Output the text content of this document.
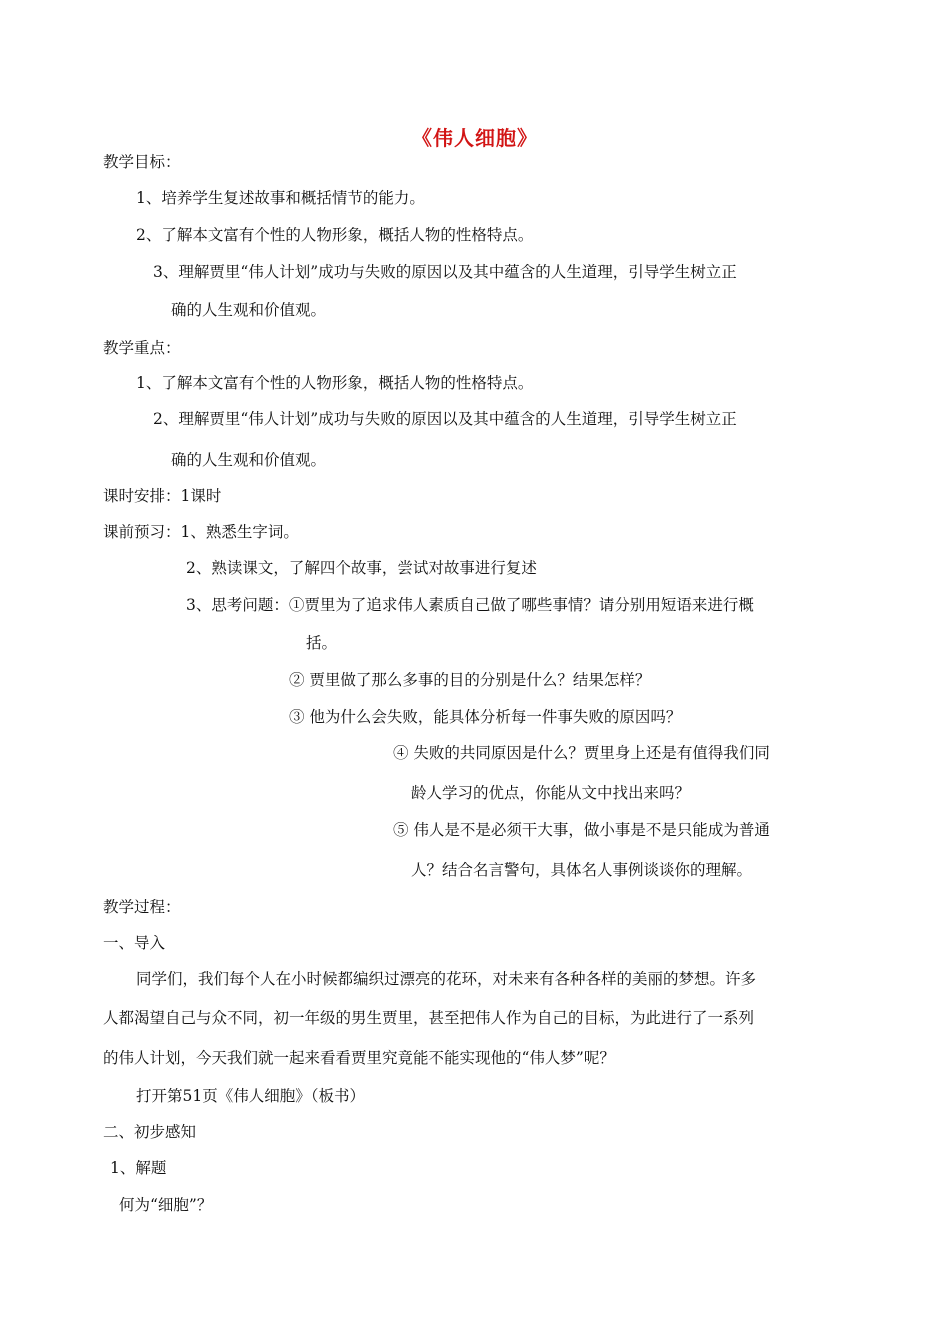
《伟人细胞》
教学目标：
1、培养学生复述故事和概括情节的能力。
2、了解本文富有个性的人物形象，概括人物的性格特点。
3、理解贾里“伟人计划”成功与失败的原因以及其中蕴含的人生道理，引导学生树立正
确的人生观和价值观。
教学重点：
1、了解本文富有个性的人物形象，概括人物的性格特点。
2、理解贾里“伟人计划”成功与失败的原因以及其中蕴含的人生道理，引导学生树立正
确的人生观和价值观。
课时安排：1课时
课前预习：1、熟悉生字词。
2、熟读课文，了解四个故事，尝试对故事进行复述
3、思考问题：①贾里为了追求伟人素质自己做了哪些事情？请分别用短语来进行概
括。
② 贾里做了那么多事的目的分别是什么？结果怎样？
③ 他为什么会失败，能具体分析每一件事失败的原因吗？
④ 失败的共同原因是什么？贾里身上还是有值得我们同
龄人学习的优点，你能从文中找出来吗？
⑤ 伟人是不是必须干大事，做小事是不是只能成为普通
人？结合名言警句，具体名人事例谈谈你的理解。
教学过程：
一、导入
同学们，我们每个人在小时候都编织过漂亮的花环，对未来有各种各样的美丽的梦想。许多
人都渴望自己与众不同，初一年级的男生贾里，甚至把伟人作为自己的目标，为此进行了一系列
的伟人计划，今天我们就一起来看看贾里究竟能不能实现他的“伟人梦”呢？
打开第51页《伟人细胞》（板书）
二、初步感知
1、解题
何为“细胞”？
